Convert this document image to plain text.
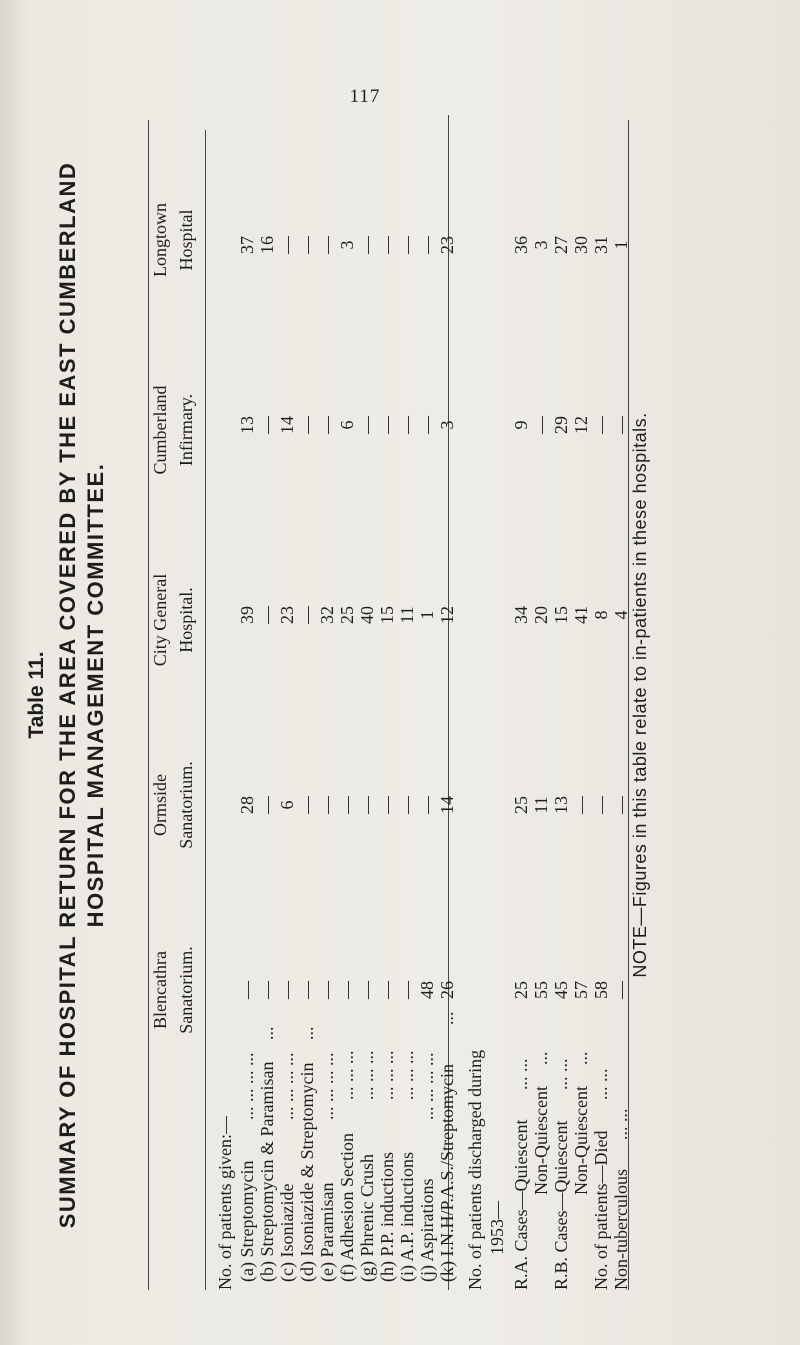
117
Table 11. SUMMARY OF HOSPITAL RETURN FOR THE AREA COVERED BY THE EAST CUMBERLAND HOSPITAL MANAGEMENT COMMITTEE.
Blencathra Sanatorium.
Ormside Sanatorium.
City General Hospital.
Cumberland Infirmary.
Longtown Hospital
No. of patients given:— (a) Streptomycin (b) Streptomycin & Paramisan (c) Isoniazide (d) Isoniazide & Streptomycin (e) Paramisan (f) Adhesion Section (g) Phrenic Crush (h) P.P. inductions (i) A.P. inductions (j) Aspirations (k) I.N.H/P.A.S./Streptomycin
... ... ... ...
...
... ... ... ...
...
... ... ... ... ... ... ... ... ... ... ... ... ... ... ... ... ... ... ... ...
...
—
28
39
13
37
—
—
—
—
16
—
6
23
14
—
—
—
—
—
—
—
—
32
—
—
—
—
25
6
3
—
—
40
—
—
—
—
15
—
—
—
—
11
—
—
48
—
1
—
—
26
14
12
3
23
No. of patients discharged during 1953— R.A. Cases—Quiescent Non-Quiescent R.B. Cases—Quiescent Non-Quiescent No. of patients—Died Non-tuberculous
... ...
...
... ...
...
... ...
... ...
25
25
34
9
36
55
11
20
—
3
45
13
15
29
27
57
—
41
12
30
58
—
8
—
31
—
—
4
—
1
NOTE—Figures in this table relate to in-patients in these hospitals.
